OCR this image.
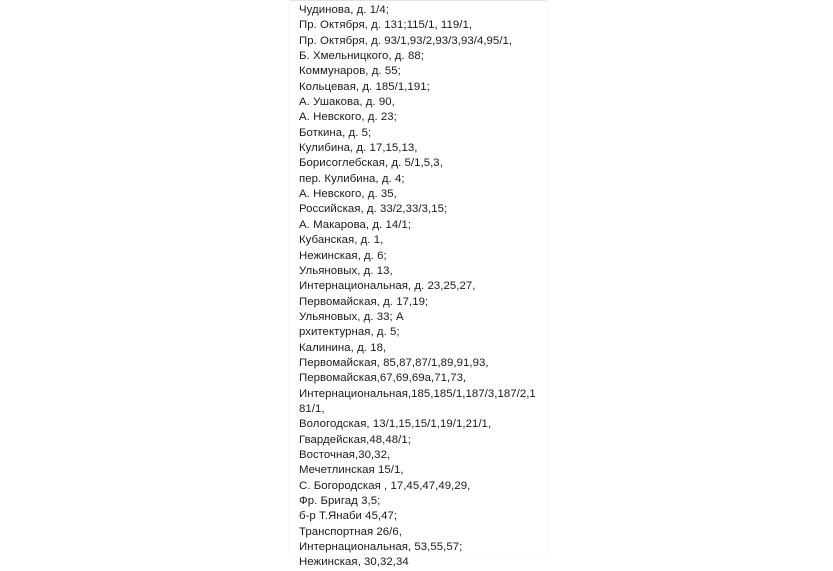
Чудинова, д. 1/4;
Пр. Октября, д. 131;115/1, 119/1,
Пр. Октября, д. 93/1,93/2,93/3,93/4,95/1,
Б. Хмельницкого, д. 88;
Коммунаров, д. 55;
Кольцевая, д. 185/1,191;
А. Ушакова, д. 90,
А. Невского, д. 23;
Боткина, д. 5;
Кулибина, д. 17,15,13,
Борисоглебская, д. 5/1,5,3,
пер. Кулибина, д. 4;
А. Невского, д. 35,
Российская, д. 33/2,33/3,15;
А. Макарова, д. 14/1;
Кубанская, д. 1,
Нежинская, д. 6;
Ульяновых, д. 13,
Интернациональная, д. 23,25,27,
Первомайская, д. 17,19;
Ульяновых, д. 33; А
рхитектурная, д. 5;
Калинина, д. 18,
Первомайская, 85,87,87/1,89,91,93,
Первомайская,67,69,69а,71,73,
Интернациональная,185,185/1,187/3,187/2,1
81/1,
Вологодская, 13/1,15,15/1,19/1,21/1,
Гвардейская,48,48/1;
Восточная,30,32,
Мечетлинская 15/1,
С. Богородская , 17,45,47,49,29,
Фр. Бригад 3,5;
б-р Т.Янаби 45,47;
Транспортная 26/6,
Интернациональная, 53,55,57;
Нежинская, 30,32,34
